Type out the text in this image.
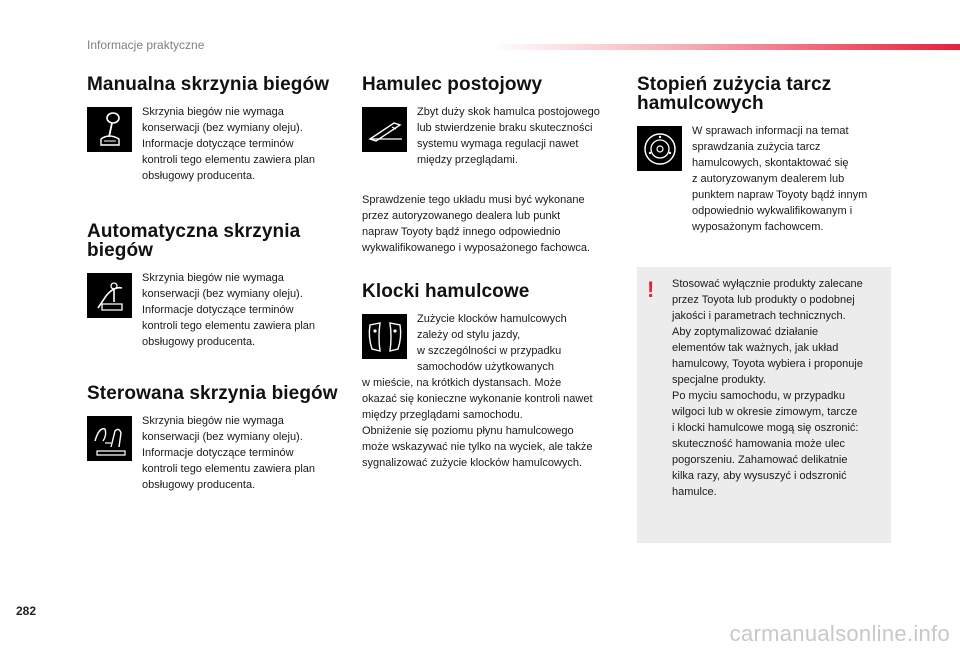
Informacje praktyczne
Manualna skrzynia biegów
Skrzynia biegów nie wymaga
konserwacji (bez wymiany oleju).
Informacje dotyczące terminów
kontroli tego elementu zawiera plan
obsługowy producenta.
Automatyczna skrzynia
biegów
Skrzynia biegów nie wymaga
konserwacji (bez wymiany oleju).
Informacje dotyczące terminów
kontroli tego elementu zawiera plan
obsługowy producenta.
Sterowana skrzynia biegów
Skrzynia biegów nie wymaga
konserwacji (bez wymiany oleju).
Informacje dotyczące terminów
kontroli tego elementu zawiera plan
obsługowy producenta.
Hamulec postojowy
Zbyt duży skok hamulca postojowego
lub stwierdzenie braku skuteczności
systemu wymaga regulacji nawet
między przeglądami.
Sprawdzenie tego układu musi być wykonane
przez autoryzowanego dealera lub punkt
napraw Toyoty bądź innego odpowiednio
wykwalifikowanego i wyposażonego fachowca.
Klocki hamulcowe
Zużycie klocków hamulcowych
zależy od stylu jazdy,
w szczególności w przypadku
samochodów użytkowanych
w mieście, na krótkich dystansach. Może
okazać się konieczne wykonanie kontroli nawet
między przeglądami samochodu.
Obniżenie się poziomu płynu hamulcowego
może wskazywać nie tylko na wyciek, ale także
sygnalizować zużycie klocków hamulcowych.
Stopień zużycia tarcz
hamulcowych
W sprawach informacji na temat
sprawdzania zużycia tarcz
hamulcowych, skontaktować się
z autoryzowanym dealerem lub
punktem napraw Toyoty bądź innym
odpowiednio wykwalifikowanym i
wyposażonym fachowcem.
! Stosować wyłącznie produkty zalecane
przez Toyota lub produkty o podobnej
jakości i parametrach technicznych.
Aby zoptymalizować działanie
elementów tak ważnych, jak układ
hamulcowy, Toyota wybiera i proponuje
specjalne produkty.
Po myciu samochodu, w przypadku
wilgoci lub w okresie zimowym, tarcze
i klocki hamulcowe mogą się oszronić:
skuteczność hamowania może ulec
pogorszeniu. Zahamować delikatnie
kilka razy, aby wysuszyć i odszronić
hamulce.
282
carmanualsonline.info
